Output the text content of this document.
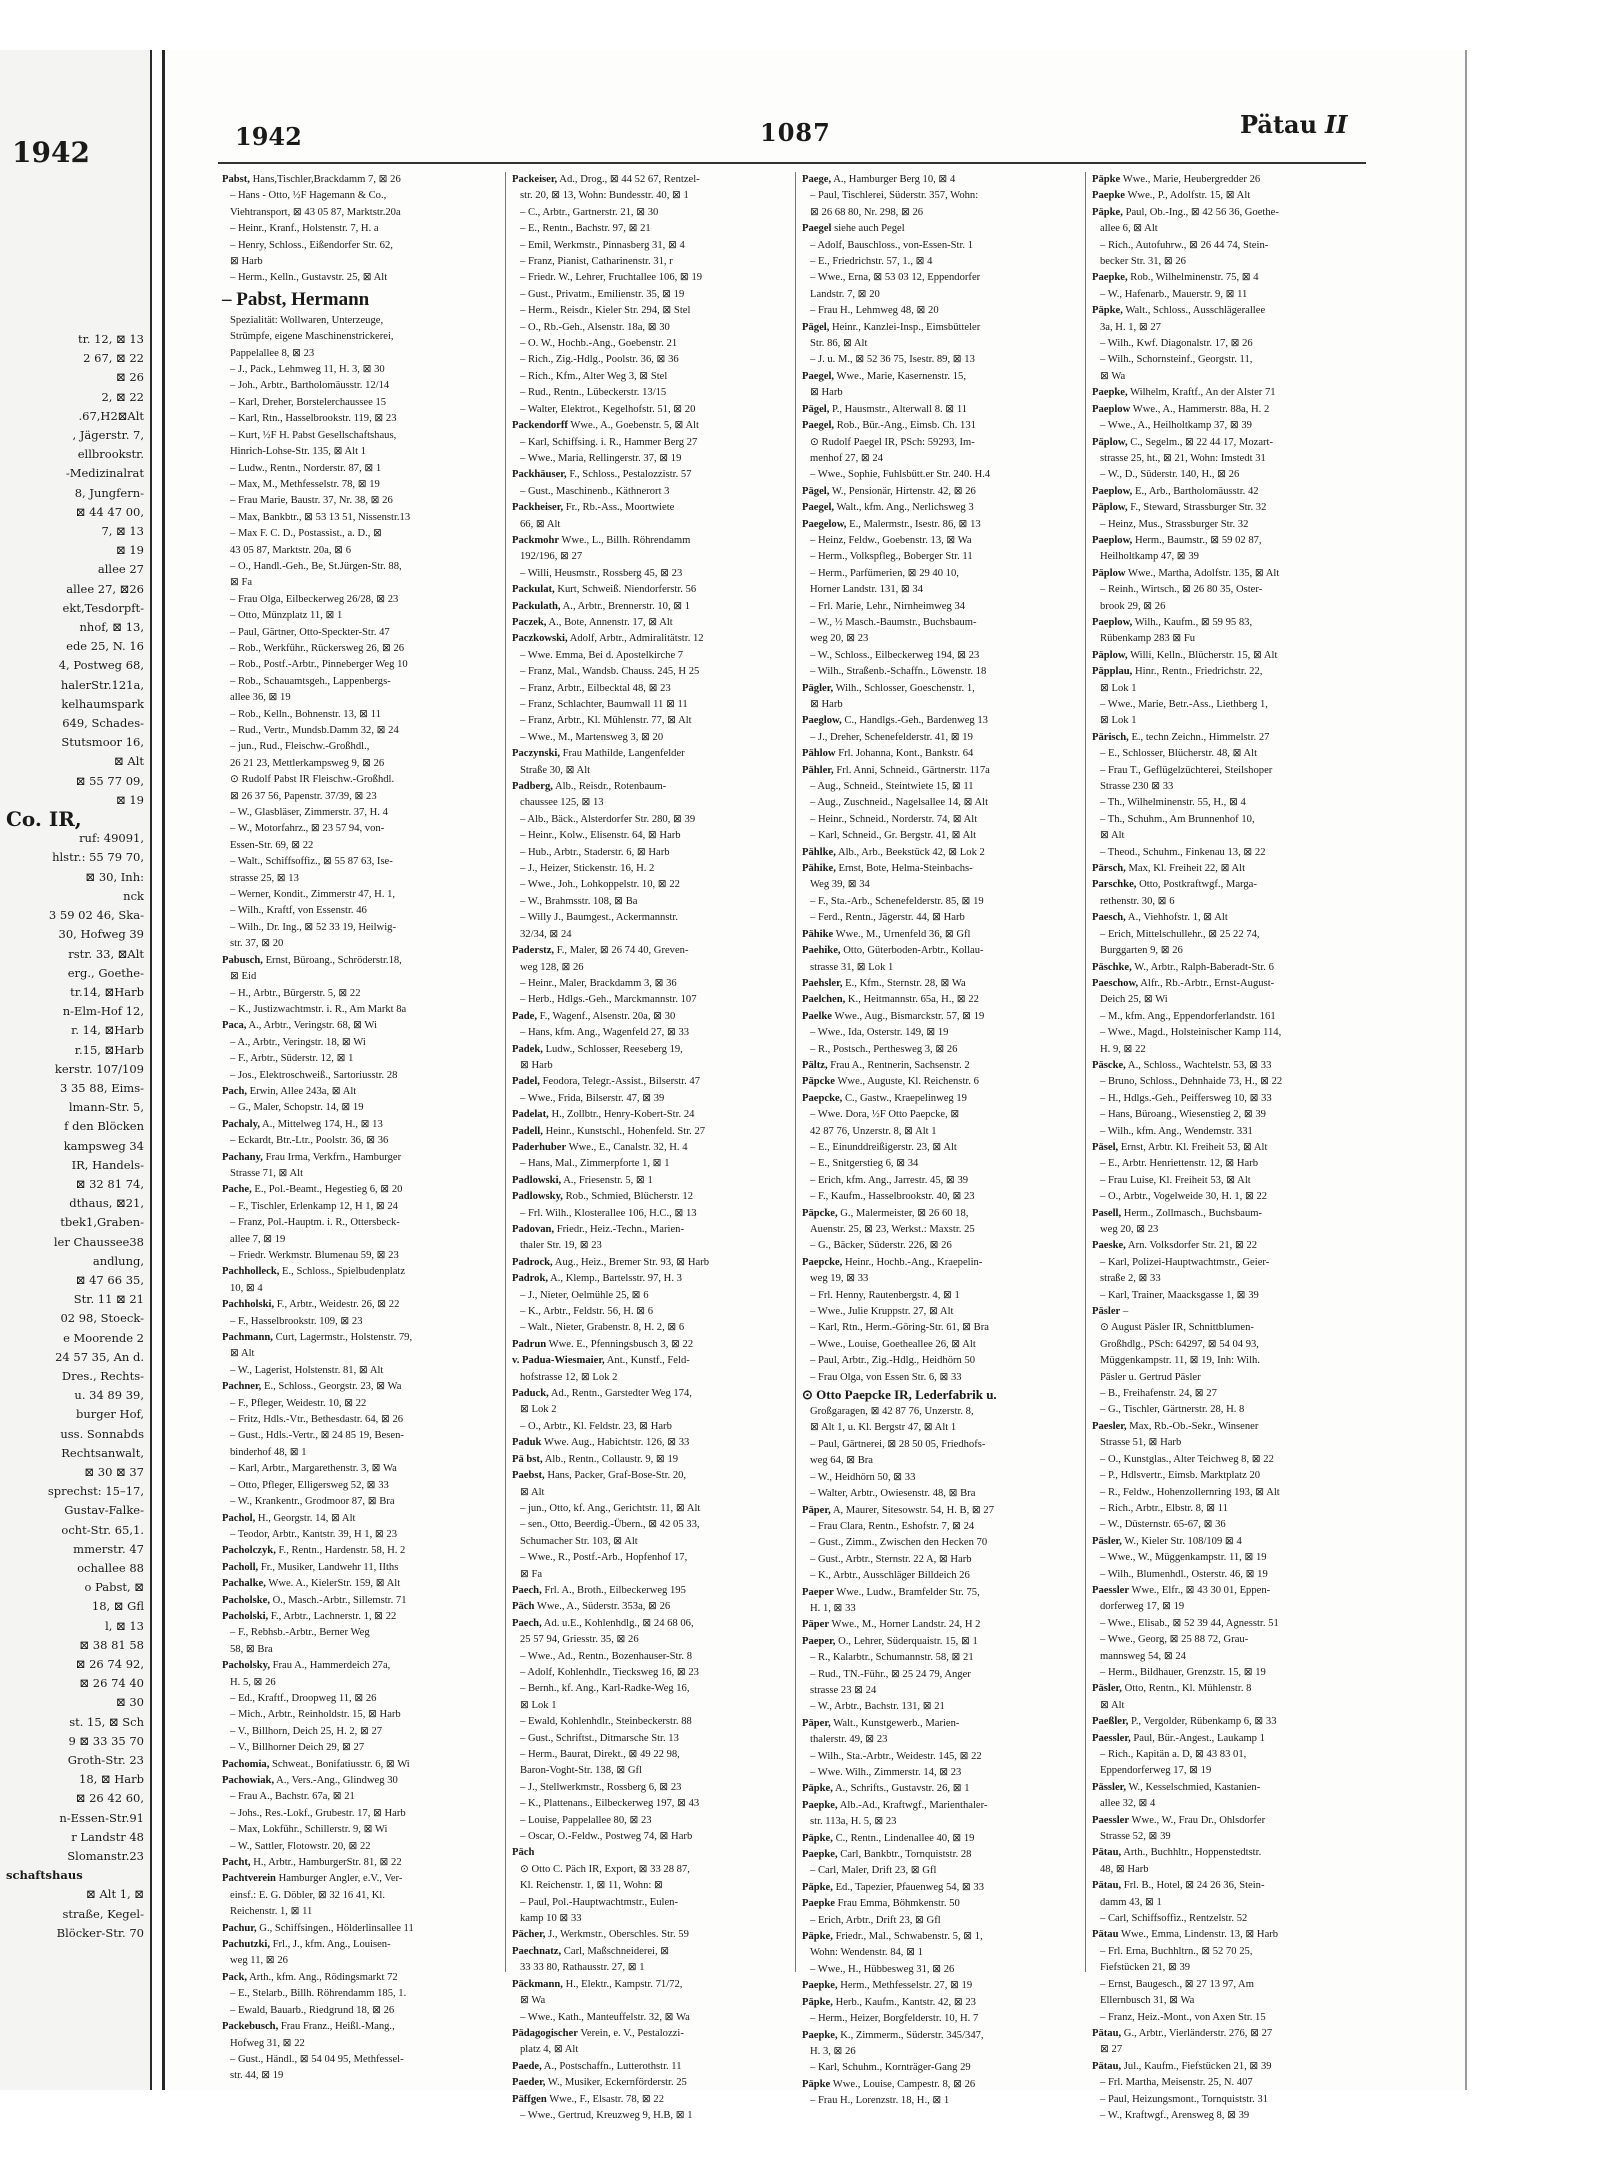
1942
tr. 12, ⊠ 13
2 67, ⊠ 22
⊠ 26
2, ⊠ 22
.67,H2⊠Alt
, Jägerstr. 7,
ellbrookstr.
-Medizinalrat
8, Jungfern-
⊠ 44 47 00,
7, ⊠ 13
⊠ 19
allee 27
allee 27, ⊠26
ekt,Tesdorpft-
nhof, ⊠ 13,
ede 25, N. 16
4, Postweg 68,
halerStr.121a,
kelhaumspark
649, Schades-
Stutsmoor 16,
⊠ Alt
⊠ 55 77 09,
⊠ 19
Co. IR,
ruf: 49091,
hlstr.: 55 79 70,
⊠ 30, Inh:
nck
3 59 02 46, Ska-
30, Hofweg 39
rstr. 33, ⊠Alt
erg., Goethe-
tr.14, ⊠Harb
n-Elm-Hof 12,
r. 14, ⊠Harb
r.15, ⊠Harb
kerstr. 107/109
3 35 88, Eims-
lmann-Str. 5,
f den Blöcken
kampsweg 34
IR, Handels-
⊠ 32 81 74,
dthaus, ⊠21,
tbek1,Graben-
ler Chaussee38
andlung,
⊠ 47 66 35,
Str. 11 ⊠ 21
02 98, Stoeck-
e Moorende 2
24 57 35, An d.
Dres., Rechts-
u. 34 89 39,
burger Hof,
uss. Sonnabds
Rechtsanwalt,
⊠ 30 ⊠ 37
sprechst: 15–17,
Gustav-Falke-
ocht-Str. 65,1.
mmerstr. 47
ochallee 88
o Pabst, ⊠
18, ⊠ Gfl
l, ⊠ 13
⊠ 38 81 58
⊠ 26 74 92,
⊠ 26 74 40
⊠ 30
st. 15, ⊠ Sch
9 ⊠ 33 35 70
Groth-Str. 23
18, ⊠ Harb
⊠ 26 42 60,
n-Essen-Str.91
r Landstr 48
Slomanstr.23
schaftshaus
⊠ Alt 1, ⊠
straße, Kegel-
Blöcker-Str. 70
1942	1087	Pätau II
Pabst, Hans,Tischler,Brackdamm 7, ⊠ 26
– Hans - Otto, ½F Hagemann & Co.,
Viehtransport, ⊠ 43 05 87, Marktstr.20a
– Heinr., Kranf., Holstenstr. 7, H. a
– Henry, Schloss., Eißendorfer Str. 62,
⊠ Harb
– Herm., Kelln., Gustavstr. 25, ⊠ Alt
– Pabst, Hermann
Spezialität: Wollwaren, Unterzeuge,
Strümpfe, eigene Maschinenstrickerei,
Pappelallee 8, ⊠ 23
– J., Pack., Lehmweg 11, H. 3, ⊠ 30
– Joh., Arbtr., Bartholomäusstr. 12/14
– Karl, Dreher, Borstelerchaussee 15
– Karl, Rtn., Hasselbrookstr. 119, ⊠ 23
– Kurt, ½F H. Pabst Gesellschaftshaus,
Hinrich-Lohse-Str. 135, ⊠ Alt 1
– Ludw., Rentn., Norderstr. 87, ⊠ 1
– Max, M., Methfesselstr. 78, ⊠ 19
– Frau Marie, Baustr. 37, Nr. 38, ⊠ 26
– Max, Bankbtr., ⊠ 53 13 51, Nissenstr.13
– Max F. C. D., Postassist., a. D., ⊠
43 05 87, Marktstr. 20a, ⊠ 6
– O., Handl.-Geh., Be, St.Jürgen-Str. 88,
⊠ Fa
– Frau Olga, Eilbeckerweg 26/28, ⊠ 23
– Otto, Münzplatz 11, ⊠ 1
– Paul, Gärtner, Otto-Speckter-Str. 47
– Rob., Werkführ., Rückersweg 26, ⊠ 26
– Rob., Postf.-Arbtr., Pinneberger Weg 10
– Rob., Schauamtsgeh., Lappenbergs-
allee 36, ⊠ 19
– Rob., Kelln., Bohnenstr. 13, ⊠ 11
– Rud., Vertr., Mundsb.Damm 32, ⊠ 24
– jun., Rud., Fleischw.-Großhdl.,
26 21 23, Mettlerkampsweg 9, ⊠ 26
⊙ Rudolf Pabst IR Fleischw.-Großhdl.
⊠ 26 37 56, Papenstr. 37/39, ⊠ 23
– W., Glasbläser, Zimmerstr. 37, H. 4
– W., Motorfahrz., ⊠ 23 57 94, von-
Essen-Str. 69, ⊠ 22
– Walt., Schiffsoffiz., ⊠ 55 87 63, Ise-
strasse 25, ⊠ 13
– Werner, Kondit., Zimmerstr 47, H. 1,
– Wilh., Kraftf, von Essenstr. 46
– Wilh., Dr. Ing., ⊠ 52 33 19, Heilwig-
str. 37, ⊠ 20
Pabusch, Ernst, Büroang., Schröderstr.18,
⊠ Eid
– H., Arbtr., Bürgerstr. 5, ⊠ 22
– K., Justizwachtmstr. i. R., Am Markt 8a
Paca, A., Arbtr., Veringstr. 68, ⊠ Wi
– A., Arbtr., Veringstr. 18, ⊠ Wi
– F., Arbtr., Süderstr. 12, ⊠ 1
– Jos., Elektroschweiß., Sartoriusstr. 28
Pach, Erwin, Allee 243a, ⊠ Alt
– G., Maler, Schopstr. 14, ⊠ 19
Pachaly, A., Mittelweg 174, H., ⊠ 13
– Eckardt, Btr.-Ltr., Poolstr. 36, ⊠ 36
Pachany, Frau Irma, Verkfrn., Hamburger
Strasse 71, ⊠ Alt
Pache, E., Pol.-Beamt., Hegestieg 6, ⊠ 20
– F., Tischler, Erlenkamp 12, H 1, ⊠ 24
– Franz, Pol.-Hauptm. i. R., Ottersbeck-
allee 7, ⊠ 19
– Friedr. Werkmstr. Blumenau 59, ⊠ 23
Pachholleck, E., Schloss., Spielbudenplatz
10, ⊠ 4
Pachholski, F., Arbtr., Weidestr. 26, ⊠ 22
– F., Hasselbrookstr. 109, ⊠ 23
Pachmann, Curt, Lagermstr., Holstenstr. 79,
⊠ Alt
– W., Lagerist, Holstenstr. 81, ⊠ Alt
Pachner, E., Schloss., Georgstr. 23, ⊠ Wa
– F., Pfleger, Weidestr. 10, ⊠ 22
– Fritz, Hdls.-Vtr., Bethesdastr. 64, ⊠ 26
– Gust., Hdls.-Vertr., ⊠ 24 85 19, Besen-
binderhof 48, ⊠ 1
– Karl, Arbtr., Margarethenstr. 3, ⊠ Wa
– Otto, Pfleger, Elligersweg 52, ⊠ 33
– W., Krankentr., Grodmoor 87, ⊠ Bra
Pachol, H., Georgstr. 14, ⊠ Alt
– Teodor, Arbtr., Kantstr. 39, H 1, ⊠ 23
Pacholczyk, F., Rentn., Hardenstr. 58, H. 2
Pacholl, Fr., Musiker, Landwehr 11, IIths
Pachalke, Wwe. A., KielerStr. 159, ⊠ Alt
Pacholske, O., Masch.-Arbtr., Sillemstr. 71
Pacholski, F., Arbtr., Lachnerstr. 1, ⊠ 22
– F., Rebhsb.-Arbtr., Berner Weg
58, ⊠ Bra
Pacholsky, Frau A., Hammerdeich 27a,
H. 5, ⊠ 26
– Ed., Kraftf., Droopweg 11, ⊠ 26
– Mich., Arbtr., Reinholdstr. 15, ⊠ Harb
– V., Billhorn, Deich 25, H. 2, ⊠ 27
– V., Billhorner Deich 29, ⊠ 27
Pachomia, Schweat., Bonifatiusstr. 6, ⊠ Wi
Pachowiak, A., Vers.-Ang., Glindweg 30
– Frau A., Bachstr. 67a, ⊠ 21
– Johs., Res.-Lokf., Grubestr. 17, ⊠ Harb
– Max, Lokführ., Schillerstr. 9, ⊠ Wi
– W., Sattler, Flotowstr. 20, ⊠ 22
Pacht, H., Arbtr., HamburgerStr. 81, ⊠ 22
Pachtverein Hamburger Angler, e.V., Ver-
einsf.: E. G. Döbler, ⊠ 32 16 41, Kl.
Reichenstr. 1, ⊠ 11
Pachur, G., Schiffsingen., Hölderlinsallee 11
Pachutzki, Frl., J., kfm. Ang., Louisen-
weg 11, ⊠ 26
Pack, Arth., kfm. Ang., Rödingsmarkt 72
– E., Stelarb., Billh. Röhrendamm 185, 1.
– Ewald, Bauarb., Riedgrund 18, ⊠ 26
Packebusch, Frau Franz., Heißl.-Mang.,
Hofweg 31, ⊠ 22
– Gust., Händl., ⊠ 54 04 95, Methfessel-
str. 44, ⊠ 19
Packeiser, Ad., Drog., ⊠ 44 52 67, Rentzel-
str. 20, ⊠ 13, Wohn: Bundesstr. 40, ⊠ 1
– C., Arbtr., Gartnerstr. 21, ⊠ 30
– E., Rentn., Bachstr. 97, ⊠ 21
– Emil, Werkmstr., Pinnasberg 31, ⊠ 4
– Franz, Pianist, Catharinenstr. 31, r
– Friedr. W., Lehrer, Fruchtallee 106, ⊠ 19
– Gust., Privatm., Emilienstr. 35, ⊠ 19
– Herm., Reisdr., Kieler Str. 294, ⊠ Stel
– O., Rb.-Geh., Alsenstr. 18a, ⊠ 30
– O. W., Hochb.-Ang., Goebenstr. 21
– Rich., Zig.-Hdlg., Poolstr. 36, ⊠ 36
– Rich., Kfm., Alter Weg 3, ⊠ Stel
– Rud., Rentn., Lübeckerstr. 13/15
– Walter, Elektrot., Kegelhofstr. 51, ⊠ 20
Packendorff Wwe., A., Goebenstr. 5, ⊠ Alt
– Karl, Schiffsing. i. R., Hammer Berg 27
– Wwe., Maria, Rellingerstr. 37, ⊠ 19
Packhäuser, F., Schloss., Pestalozzistr. 57
– Gust., Maschinenb., Käthnerort 3
Packheiser, Fr., Rb.-Ass., Moortwiete
66, ⊠ Alt
Packmohr Wwe., L., Billh. Röhrendamm
192/196, ⊠ 27
– Willi, Heusmstr., Rossberg 45, ⊠ 23
Packulat, Kurt, Schweiß. Niendorferstr. 56
Packulath, A., Arbtr., Brennerstr. 10, ⊠ 1
Paczek, A., Bote, Annenstr. 17, ⊠ Alt
Paczkowski, Adolf, Arbtr., Admiralitätstr. 12
– Wwe. Emma, Bei d. Apostelkirche 7
– Franz, Mal., Wandsb. Chauss. 245, H 25
– Franz, Arbtr., Eilbecktal 48, ⊠ 23
– Franz, Schlachter, Baumwall 11 ⊠ 11
– Franz, Arbtr., Kl. Mühlenstr. 77, ⊠ Alt
– Wwe., M., Martensweg 3, ⊠ 20
Paczynski, Frau Mathilde, Langenfelder
Straße 30, ⊠ Alt
Padberg, Alb., Reisdr., Rotenbaum-
chaussee 125, ⊠ 13
– Alb., Bäck., Alsterdorfer Str. 280, ⊠ 39
– Heinr., Kolw., Elisenstr. 64, ⊠ Harb
– Hub., Arbtr., Staderstr. 6, ⊠ Harb
– J., Heizer, Stickenstr. 16, H. 2
– Wwe., Joh., Lohkoppelstr. 10, ⊠ 22
– W., Brahmsstr. 108, ⊠ Ba
– Willy J., Baumgest., Ackermannstr.
32/34, ⊠ 24
Paderstz, F., Maler, ⊠ 26 74 40, Greven-
weg 128, ⊠ 26
– Heinr., Maler, Brackdamm 3, ⊠ 36
– Herb., Hdlgs.-Geh., Marckmannstr. 107
Pade, F., Wagenf., Alsenstr. 20a, ⊠ 30
– Hans, kfm. Ang., Wagenfeld 27, ⊠ 33
Padek, Ludw., Schlosser, Reeseberg 19,
⊠ Harb
Padel, Feodora, Telegr.-Assist., Bilserstr. 47
– Wwe., Frida, Bilserstr. 47, ⊠ 39
Padelat, H., Zollbtr., Henry-Kobert-Str. 24
Padell, Heinr., Kunstschl., Hohenfeld. Str. 27
Paderhuber Wwe., E., Canalstr. 32, H. 4
– Hans, Mal., Zimmerpforte 1, ⊠ 1
Padlowski, A., Friesenstr. 5, ⊠ 1
Padlowsky, Rob., Schmied, Blücherstr. 12
– Frl. Wilh., Klosterallee 106, H.C., ⊠ 13
Padovan, Friedr., Heiz.-Techn., Marien-
thaler Str. 19, ⊠ 23
Padrock, Aug., Heiz., Bremer Str. 93, ⊠ Harb
Padrok, A., Klemp., Bartelsstr. 97, H. 3
– J., Nieter, Oelmühle 25, ⊠ 6
– K., Arbtr., Feldstr. 56, H. ⊠ 6
– Walt., Nieter, Grabenstr. 8, H. 2, ⊠ 6
Padrun Wwe. E., Pfenningsbusch 3, ⊠ 22
v. Padua-Wiesmaier, Ant., Kunstf., Feld-
hofstrasse 12, ⊠ Lok 2
Paduck, Ad., Rentn., Garstedter Weg 174,
⊠ Lok 2
– O., Arbtr., Kl. Feldstr. 23, ⊠ Harb
Paduk Wwe. Aug., Habichtstr. 126, ⊠ 33
Pä bst, Alb., Rentn., Collaustr. 9, ⊠ 19
Paebst, Hans, Packer, Graf-Bose-Str. 20,
⊠ Alt
– jun., Otto, kf. Ang., Gerichtstr. 11, ⊠ Alt
– sen., Otto, Beerdig.-Übern., ⊠ 42 05 33,
Schumacher Str. 103, ⊠ Alt
– Wwe., R., Postf.-Arb., Hopfenhof 17,
⊠ Fa
Paech, Frl. A., Broth., Eilbeckerweg 195
Päch Wwe., A., Süderstr. 353a, ⊠ 26
Paech, Ad. u.E., Kohlenhdlg., ⊠ 24 68 06,
25 57 94, Griesstr. 35, ⊠ 26
– Wwe., Ad., Rentn., Bozenhauser-Str. 8
– Adolf, Kohlenhdlr., Tiecksweg 16, ⊠ 23
– Bernh., kf. Ang., Karl-Radke-Weg 16,
⊠ Lok 1
– Ewald, Kohlenhdlr., Steinbeckerstr. 88
– Gust., Schriftst., Ditmarsche Str. 13
– Herm., Baurat, Direkt., ⊠ 49 22 98,
Baron-Voght-Str. 138, ⊠ Gfl
– J., Stellwerkmstr., Rossberg 6, ⊠ 23
– K., Plattenans., Eilbeckerweg 197, ⊠ 43
– Louise, Pappelallee 80, ⊠ 23
– Oscar, O.-Feldw., Postweg 74, ⊠ Harb
Päch
⊙ Otto C. Päch IR, Export, ⊠ 33 28 87,
Kl. Reichenstr. 1, ⊠ 11, Wohn: ⊠
– Paul, Pol.-Hauptwachtmstr., Eulen-
kamp 10 ⊠ 33
Pächer, J., Werkmstr., Oberschles. Str. 59
Paechnatz, Carl, Maßschneiderei, ⊠
33 33 80, Rathausstr. 27, ⊠ 1
Päckmann, H., Elektr., Kampstr. 71/72,
⊠ Wa
– Wwe., Kath., Manteuffelstr. 32, ⊠ Wa
Pädagogischer Verein, e. V., Pestalozzi-
platz 4, ⊠ Alt
Paede, A., Postschaffn., Lutterothstr. 11
Paeder, W., Musiker, Eckernförderstr. 25
Päffgen Wwe., F., Elsastr. 78, ⊠ 22
– Wwe., Gertrud, Kreuzweg 9, H.B, ⊠ 1
Paege, A., Hamburger Berg 10, ⊠ 4
– Paul, Tischlerei, Süderstr. 357, Wohn:
⊠ 26 68 80, Nr. 298, ⊠ 26
Paegel siehe auch Pegel
– Adolf, Bauschloss., von-Essen-Str. 1
– E., Friedrichstr. 57, 1., ⊠ 4
– Wwe., Erna, ⊠ 53 03 12, Eppendorfer
Landstr. 7, ⊠ 20
– Frau H., Lehmweg 48, ⊠ 20
Pägel, Heinr., Kanzlei-Insp., Eimsbütteler
Str. 86, ⊠ Alt
– J. u. M., ⊠ 52 36 75, Isestr. 89, ⊠ 13
Paegel, Wwe., Marie, Kasernenstr. 15,
⊠ Harb
Pägel, P., Hausmstr., Alterwall 8. ⊠ 11
Paegel, Rob., Bür.-Ang., Eimsb. Ch. 131
⊙ Rudolf Paegel IR, PSch: 59293, Im-
menhof 27, ⊠ 24
– Wwe., Sophie, Fuhlsbütt.er Str. 240. H.4
Pägel, W., Pensionär, Hirtenstr. 42, ⊠ 26
Paegel, Walt., kfm. Ang., Nerlichsweg 3
Paegelow, E., Malermstr., Isestr. 86, ⊠ 13
– Heinz, Feldw., Goebenstr. 13, ⊠ Wa
– Herm., Volkspfleg., Boberger Str. 11
– Herm., Parfümerien, ⊠ 29 40 10,
Horner Landstr. 131, ⊠ 34
– Frl. Marie, Lehr., Nirnheimweg 34
– W., ½ Masch.-Baumstr., Buchsbaum-
weg 20, ⊠ 23
– W., Schloss., Eilbeckerweg 194, ⊠ 23
– Wilh., Straßenb.-Schaffn., Löwenstr. 18
Pägler, Wilh., Schlosser, Goeschenstr. 1,
⊠ Harb
Paeglow, C., Handlgs.-Geh., Bardenweg 13
– J., Dreher, Schenefelderstr. 41, ⊠ 19
Pählow Frl. Johanna, Kont., Bankstr. 64
Pähler, Frl. Anni, Schneid., Gärtnerstr. 117a
– Aug., Schneid., Steintwiete 15, ⊠ 11
– Aug., Zuschneid., Nagelsallee 14, ⊠ Alt
– Heinr., Schneid., Norderstr. 74, ⊠ Alt
– Karl, Schneid., Gr. Bergstr. 41, ⊠ Alt
Pählke, Alb., Arb., Beekstück 42, ⊠ Lok 2
Pähike, Ernst, Bote, Helma-Steinbachs-
Weg 39, ⊠ 34
– F., Sta.-Arb., Schenefelderstr. 85, ⊠ 19
– Ferd., Rentn., Jägerstr. 44, ⊠ Harb
Pähike Wwe., M., Urnenfeld 36, ⊠ Gfl
Paehike, Otto, Güterboden-Arbtr., Kollau-
strasse 31, ⊠ Lok 1
Paehsler, E., Kfm., Sternstr. 28, ⊠ Wa
Paelchen, K., Heitmannstr. 65a, H., ⊠ 22
Paelke Wwe., Aug., Bismarckstr. 57, ⊠ 19
– Wwe., Ida, Osterstr. 149, ⊠ 19
– R., Postsch., Perthesweg 3, ⊠ 26
Pältz, Frau A., Rentnerin, Sachsenstr. 2
Päpcke Wwe., Auguste, Kl. Reichenstr. 6
Paepcke, C., Gastw., Kraepelinweg 19
– Wwe. Dora, ½F Otto Paepcke, ⊠
42 87 76, Unzerstr. 8, ⊠ Alt 1
– E., Einunddreißigerstr. 23, ⊠ Alt
– E., Snitgerstieg 6, ⊠ 34
– Erich, kfm. Ang., Jarrestr. 45, ⊠ 39
– F., Kaufm., Hasselbrookstr. 40, ⊠ 23
Päpcke, G., Malermeister, ⊠ 26 60 18,
Auenstr. 25, ⊠ 23, Werkst.: Maxstr. 25
– G., Bäcker, Süderstr. 226, ⊠ 26
Paepcke, Heinr., Hochb.-Ang., Kraepelin-
weg 19, ⊠ 33
– Frl. Henny, Rautenbergstr. 4, ⊠ 1
– Wwe., Julie Kruppstr. 27, ⊠ Alt
– Karl, Rtn., Herm.-Göring-Str. 61, ⊠ Bra
– Wwe., Louise, Goetheallee 26, ⊠ Alt
– Paul, Arbtr., Zig.-Hdlg., Heidhörn 50
– Frau Olga, von Essen Str. 6, ⊠ 33
⊙ Otto Paepcke IR, Lederfabrik u.
Großgaragen, ⊠ 42 87 76, Unzerstr. 8,
⊠ Alt 1, u. Kl. Bergstr 47, ⊠ Alt 1
– Paul, Gärtnerei, ⊠ 28 50 05, Friedhofs-
weg 64, ⊠ Bra
– W., Heidhörn 50, ⊠ 33
– Walter, Arbtr., Owiesenstr. 48, ⊠ Bra
Päper, A, Maurer, Sitesowstr. 54, H. B, ⊠ 27
– Frau Clara, Rentn., Eshofstr. 7, ⊠ 24
– Gust., Zimm., Zwischen den Hecken 70
– Gust., Arbtr., Sternstr. 22 A, ⊠ Harb
– K., Arbtr., Ausschläger Billdeich 26
Paeper Wwe., Ludw., Bramfelder Str. 75,
H. 1, ⊠ 33
Päper Wwe., M., Horner Landstr. 24, H 2
Paeper, O., Lehrer, Süderquaistr. 15, ⊠ 1
– R., Kalarbtr., Schumannstr. 58, ⊠ 21
– Rud., TN.-Führ., ⊠ 25 24 79, Anger
strasse 23 ⊠ 24
– W., Arbtr., Bachstr. 131, ⊠ 21
Päper, Walt., Kunstgewerb., Marien-
thalerstr. 49, ⊠ 23
– Wilh., Sta.-Arbtr., Weidestr. 145, ⊠ 22
– Wwe. Wilh., Zimmerstr. 14, ⊠ 23
Päpke, A., Schrifts., Gustavstr. 26, ⊠ 1
Paepke, Alb.-Ad., Kraftwgf., Marienthaler-
str. 113a, H. 5, ⊠ 23
Päpke, C., Rentn., Lindenallee 40, ⊠ 19
Paepke, Carl, Bankbtr., Tornquiststr. 28
– Carl, Maler, Drift 23, ⊠ Gfl
Päpke, Ed., Tapezier, Pfauenweg 54, ⊠ 33
Paepke Frau Emma, Böhmkenstr. 50
– Erich, Arbtr., Drift 23, ⊠ Gfl
Päpke, Friedr., Mal., Schwabenstr. 5, ⊠ 1,
Wohn: Wendenstr. 84, ⊠ 1
– Wwe., H., Hübbesweg 31, ⊠ 26
Paepke, Herm., Methfesselstr. 27, ⊠ 19
Päpke, Herb., Kaufm., Kantstr. 42, ⊠ 23
– Herm., Heizer, Borgfelderstr. 10, H. 7
Paepke, K., Zimmerm., Süderstr. 345/347,
H. 3, ⊠ 26
– Karl, Schuhm., Kornträger-Gang 29
Päpke Wwe., Louise, Campestr. 8, ⊠ 26
– Frau H., Lorenzstr. 18, H., ⊠ 1
Päpke Wwe., Marie, Heubergredder 26
Paepke Wwe., P., Adolfstr. 15, ⊠ Alt
Päpke, Paul, Ob.-Ing., ⊠ 42 56 36, Goethe-
allee 6, ⊠ Alt
– Rich., Autofuhrw., ⊠ 26 44 74, Stein-
becker Str. 31, ⊠ 26
Paepke, Rob., Wilhelminenstr. 75, ⊠ 4
– W., Hafenarb., Mauerstr. 9, ⊠ 11
Päpke, Walt., Schloss., Ausschlägerallee
3a, H. 1, ⊠ 27
– Wilh., Kwf. Diagonalstr. 17, ⊠ 26
– Wilh., Schornsteinf., Georgstr. 11,
⊠ Wa
Paepke, Wilhelm, Kraftf., An der Alster 71
Paeplow Wwe., A., Hammerstr. 88a, H. 2
– Wwe., A., Heilholtkamp 37, ⊠ 39
Päplow, C., Segelm., ⊠ 22 44 17, Mozart-
strasse 25, ht., ⊠ 21, Wohn: Imstedt 31
– W., D., Süderstr. 140, H., ⊠ 26
Paeplow, E., Arb., Bartholomäusstr. 42
Päplow, F., Steward, Strassburger Str. 32
– Heinz, Mus., Strassburger Str. 32
Paeplow, Herm., Baumstr., ⊠ 59 02 87,
Heilholtkamp 47, ⊠ 39
Päplow Wwe., Martha, Adolfstr. 135, ⊠ Alt
– Reinh., Wirtsch., ⊠ 26 80 35, Oster-
brook 29, ⊠ 26
Paeplow, Wilh., Kaufm., ⊠ 59 95 83,
Rübenkamp 283 ⊠ Fu
Päplow, Willi, Kelln., Blücherstr. 15, ⊠ Alt
Päpplau, Hinr., Rentn., Friedrichstr. 22,
⊠ Lok 1
– Wwe., Marie, Betr.-Ass., Liethberg 1,
⊠ Lok 1
Pärisch, E., techn Zeichn., Himmelstr. 27
– E., Schlosser, Blücherstr. 48, ⊠ Alt
– Frau T., Geflügelzüchterei, Steilshoper
Strasse 230 ⊠ 33
– Th., Wilhelminenstr. 55, H., ⊠ 4
– Th., Schuhm., Am Brunnenhof 10,
⊠ Alt
– Theod., Schuhm., Finkenau 13, ⊠ 22
Pärsch, Max, Kl. Freiheit 22, ⊠ Alt
Parschke, Otto, Postkraftwgf., Marga-
rethenstr. 30, ⊠ 6
Paesch, A., Viehhofstr. 1, ⊠ Alt
– Erich, Mittelschullehr., ⊠ 25 22 74,
Burggarten 9, ⊠ 26
Päschke, W., Arbtr., Ralph-Baberadt-Str. 6
Paeschow, Alfr., Rb.-Arbtr., Ernst-August-
Deich 25, ⊠ Wi
– M., kfm. Ang., Eppendorferlandstr. 161
– Wwe., Magd., Holsteinischer Kamp 114,
H. 9, ⊠ 22
Päscke, A., Schloss., Wachtelstr. 53, ⊠ 33
– Bruno, Schloss., Dehnhaide 73, H., ⊠ 22
– H., Hdlgs.-Geh., Peiffersweg 10, ⊠ 33
– Hans, Büroang., Wiesenstieg 2, ⊠ 39
– Wilh., kfm. Ang., Wendemstr. 331
Päsel, Ernst, Arbtr. Kl. Freiheit 53, ⊠ Alt
– E., Arbtr. Henriettenstr. 12, ⊠ Harb
– Frau Luise, Kl. Freiheit 53, ⊠ Alt
– O., Arbtr., Vogelweide 30, H. 1, ⊠ 22
Pasell, Herm., Zollmasch., Buchsbaum-
weg 20, ⊠ 23
Paeske, Arn. Volksdorfer Str. 21, ⊠ 22
– Karl, Polizei-Hauptwachtmstr., Geier-
straße 2, ⊠ 33
– Karl, Trainer, Maacksgasse 1, ⊠ 39
Päsler –
⊙ August Päsler IR, Schnittblumen-
Großhdlg., PSch: 64297, ⊠ 54 04 93,
Müggenkampstr. 11, ⊠ 19, Inh: Wilh.
Päsler u. Gertrud Päsler
– B., Freihafenstr. 24, ⊠ 27
– G., Tischler, Gärtnerstr. 28, H. 8
Paesler, Max, Rb.-Ob.-Sekr., Winsener
Strasse 51, ⊠ Harb
– O., Kunstglas., Alter Teichweg 8, ⊠ 22
– P., Hdlsvertr., Eimsb. Marktplatz 20
– R., Feldw., Hohenzollernring 193, ⊠ Alt
– Rich., Arbtr., Elbstr. 8, ⊠ 11
– W., Düsternstr. 65-67, ⊠ 36
Päsler, W., Kieler Str. 108/109 ⊠ 4
– Wwe., W., Müggenkampstr. 11, ⊠ 19
– Wilh., Blumenhdl., Osterstr. 46, ⊠ 19
Paessler Wwe., Elfr., ⊠ 43 30 01, Eppen-
dorferweg 17, ⊠ 19
– Wwe., Elisab., ⊠ 52 39 44, Agnesstr. 51
– Wwe., Georg, ⊠ 25 88 72, Grau-
mannsweg 54, ⊠ 24
– Herm., Bildhauer, Grenzstr. 15, ⊠ 19
Päsler, Otto, Rentn., Kl. Mühlenstr. 8
⊠ Alt
Paeßler, P., Vergolder, Rübenkamp 6, ⊠ 33
Paessler, Paul, Bür.-Angest., Laukamp 1
– Rich., Kapitän a. D, ⊠ 43 83 01,
Eppendorferweg 17, ⊠ 19
Pässler, W., Kesselschmied, Kastanien-
allee 32, ⊠ 4
Paessler Wwe., W., Frau Dr., Ohlsdorfer
Strasse 52, ⊠ 39
Pätau, Arth., Buchhltr., Hoppenstedtstr.
48, ⊠ Harb
Pätau, Frl. B., Hotel, ⊠ 24 26 36, Stein-
damm 43, ⊠ 1
– Carl, Schiffsoffiz., Rentzelstr. 52
Pätau Wwe., Emma, Lindenstr. 13, ⊠ Harb
– Frl. Erna, Buchhltrn., ⊠ 52 70 25,
Fiefstücken 21, ⊠ 39
– Ernst, Baugesch., ⊠ 27 13 97, Am
Ellernbusch 31, ⊠ Wa
– Franz, Heiz.-Mont., von Axen Str. 15
Pätau, G., Arbtr., Vierländerstr. 276, ⊠ 27
⊠ 27
Pätau, Jul., Kaufm., Fiefstücken 21, ⊠ 39
– Frl. Martha, Meisenstr. 25, N. 407
– Paul, Heizungsmont., Tornquiststr. 31
– W., Kraftwgf., Arensweg 8, ⊠ 39
